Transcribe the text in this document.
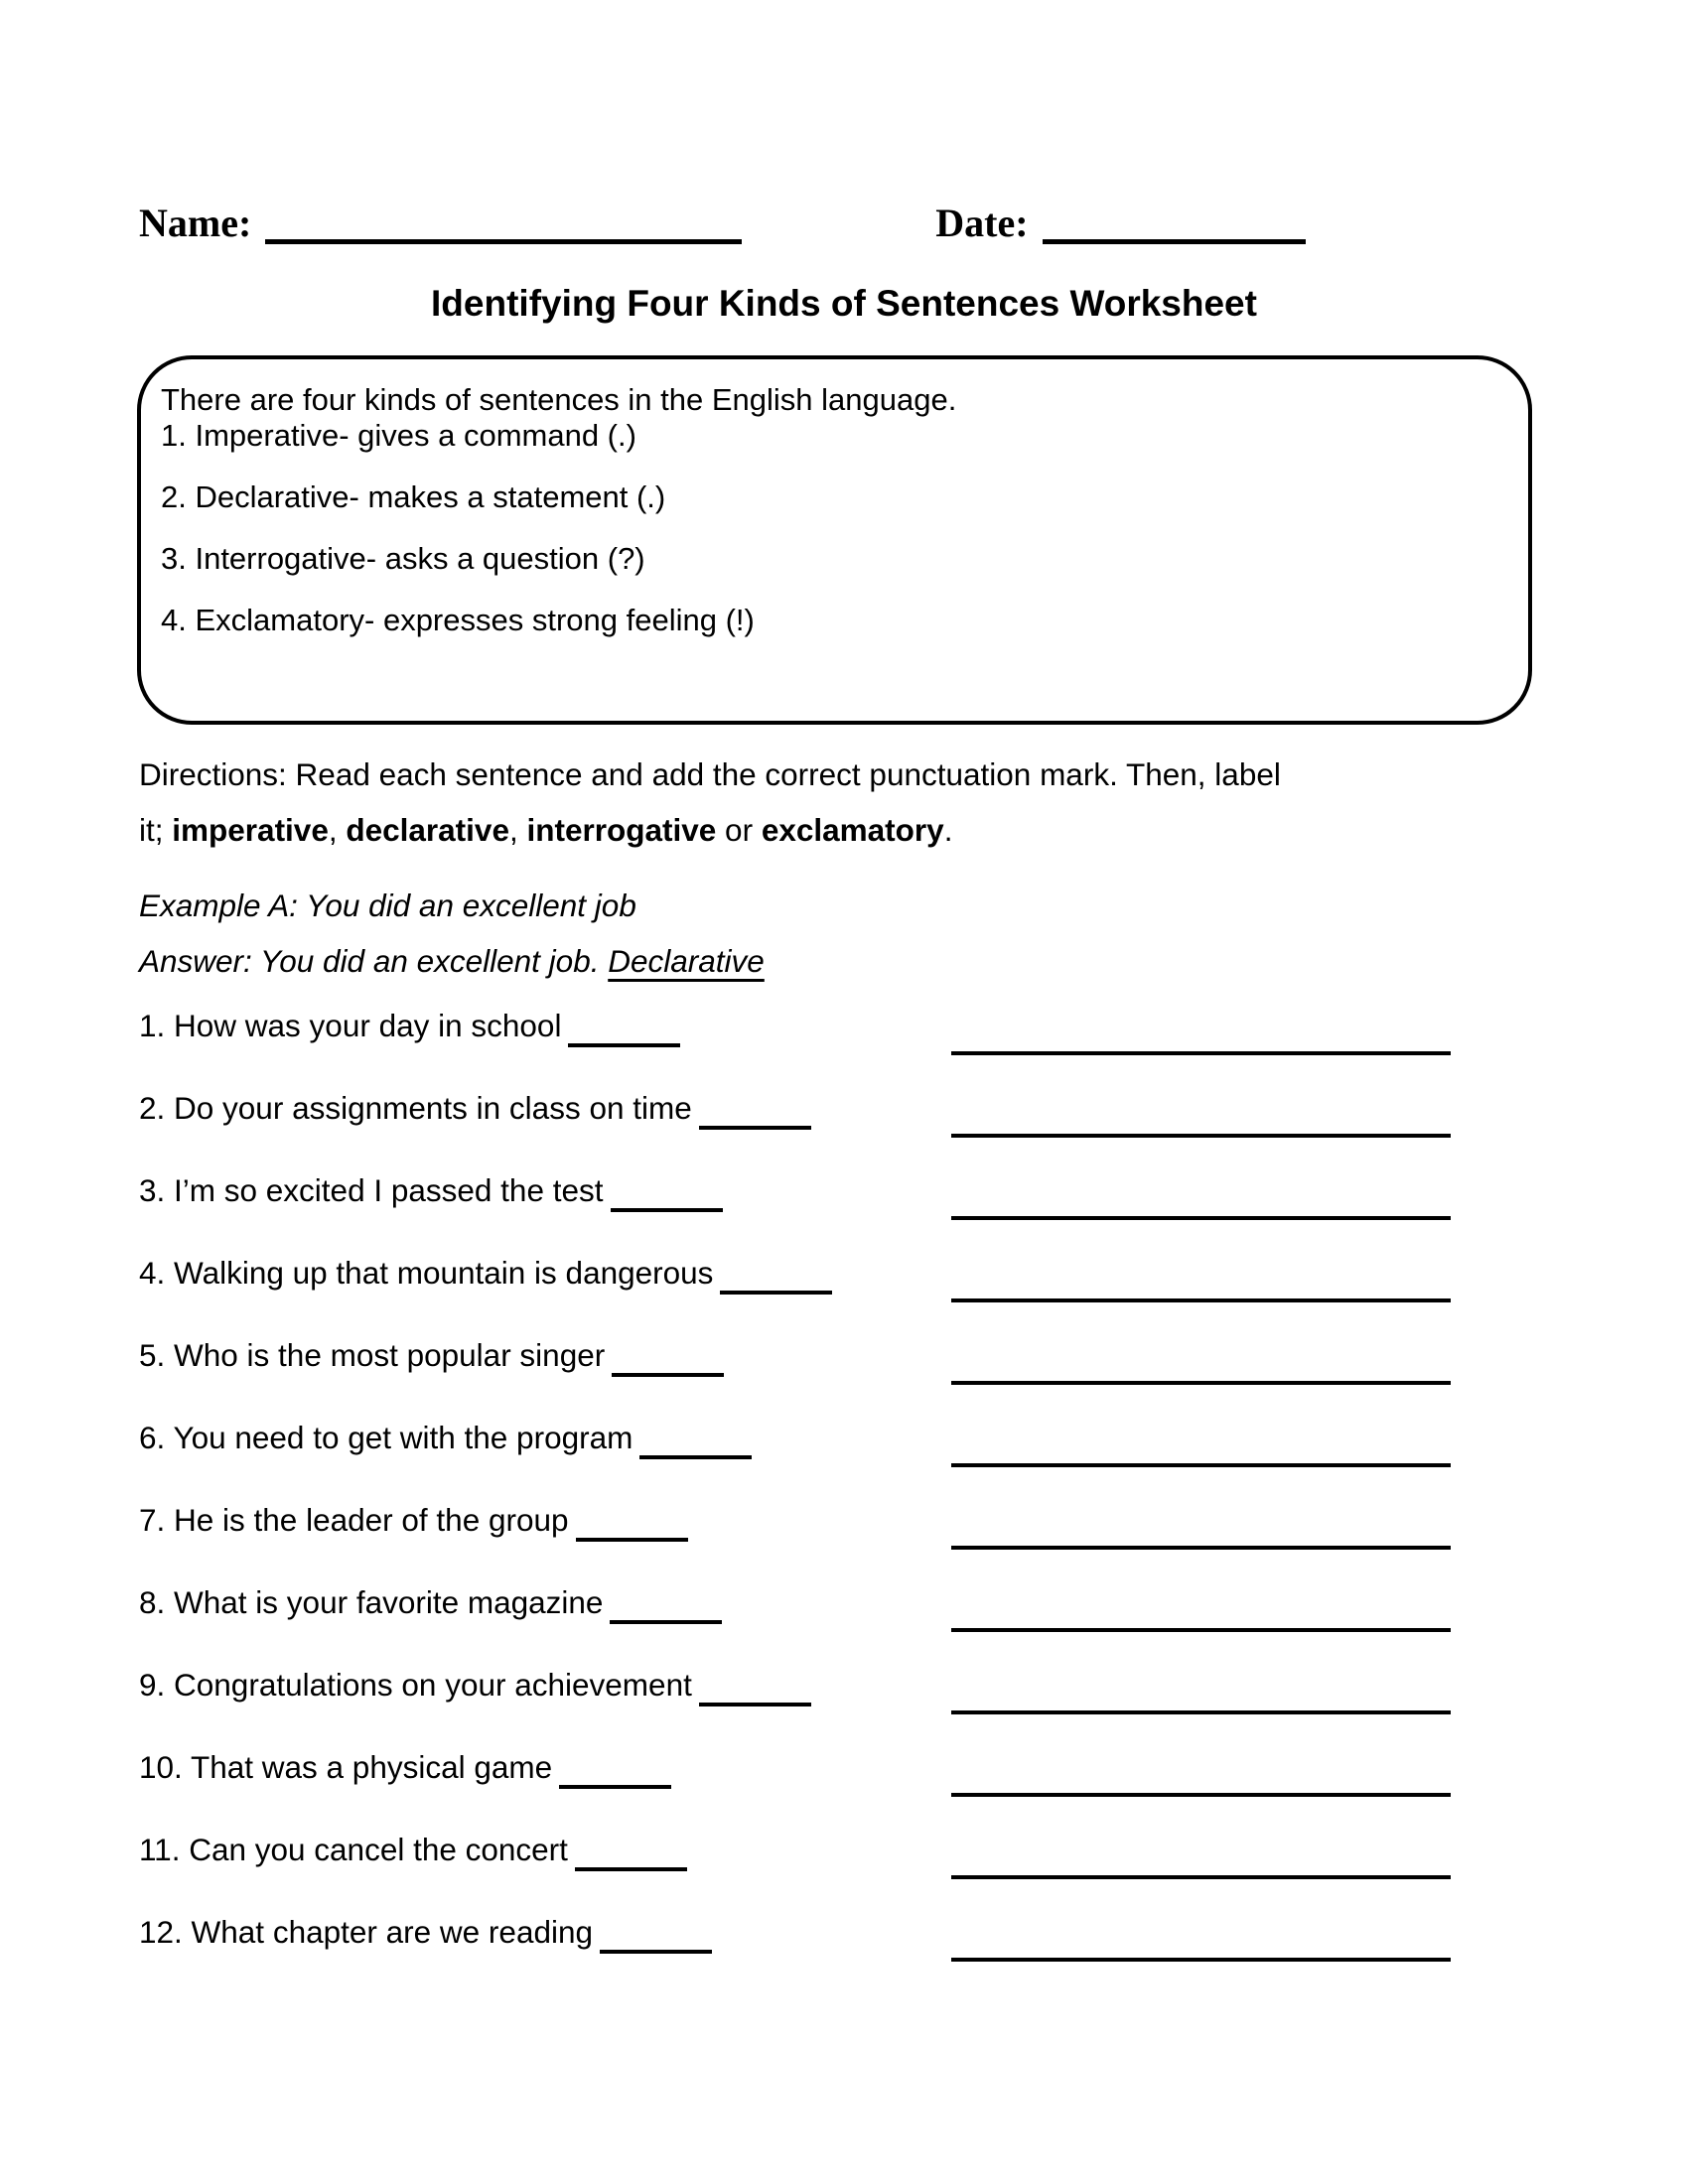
Name:	Date:
Identifying Four Kinds of Sentences Worksheet
There are four kinds of sentences in the English language.
1. Imperative- gives a command (.)
2. Declarative- makes a statement (.)
3. Interrogative- asks a question (?)
4. Exclamatory- expresses strong feeling (!)
Directions: Read each sentence and add the correct punctuation mark. Then, label
it; imperative, declarative, interrogative or exclamatory.
Example A: You did an excellent job
Answer: You did an excellent job. Declarative
1. How was your day in school
2. Do your assignments in class on time
3. I’m so excited I passed the test
4. Walking up that mountain is dangerous
5. Who is the most popular singer
6. You need to get with the program
7. He is the leader of the group
8. What is your favorite magazine
9. Congratulations on your achievement
10. That was a physical game
11. Can you cancel the concert
12. What chapter are we reading
